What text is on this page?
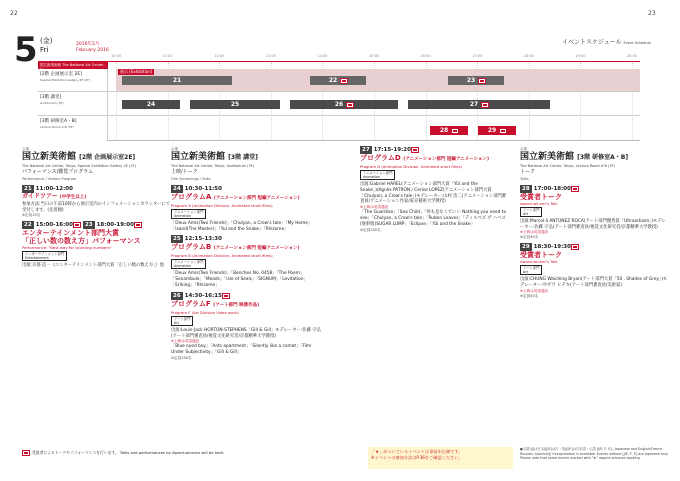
22	23
5 (金)
Fri
2016年2月
February 2016
イベントスケジュール Event Schedule
10:00	11:00	12:00	13:00	14:00	15:00	16:00	17:00	18:00	19:00	20:00
国立新美術館 The National Art Center,
[2階 企画展示室 2E]
Special Exhibition Gallery 2E (2F)
展示 [Exhibition]
21	22	23
[3階 講堂]
Auditorium (3F)	24	25	26	27
[3階 研修室A・B]
Lecture Room A·B (3F)
28	29
会場
国立新美術館 [2階 企画展示室2E]
The National Art Center, Tokyo, Special Exhibition Gallery 2E (2F)
パフォーマンス/鑑賞プログラム
Performance / Visitors Program
21 11:00-12:00
ガイドツアー (中学生以上)
参加方法:当日の午前10時から展示室内のインフォメーションカウンターにて受付します。(先着順)
※定員15名
22 15:00-16:00	23 18:00-19:00
エンターテインメント部門大賞
「正しい数の数え方」パフォーマンス
Performance: "Best way for counting numbers"
エンターテインメント部門
Entertainment
出演:京都 造一《エンターテインメント部門大賞「正しい数の数え方」》他
会場
国立新美術館 [3階 講堂]
The National Art Center, Tokyo, Auditorium (3F)
上映/トーク
Film Screenings / Talks
24 10:30-11:50
プログラムA (アニメーション部門 短編アニメーション)
Program A (Animation Division, Animated short films)
アニメーション部門
Animation
「Deux Amis(Two Friends)」「Chulyan, a Crow's tale」「My Home」「Isand(The Master)」「Yul and the Snake」「Rhizome」
25 12:15-13:30
プログラムB (アニメーション部門 短編アニメーション)
Program B (Animation Division, Animated short films)
アニメーション部門
Animation
「Deux Amis(Two Friends)」「Benches No. 0458」「The Poem」「Sonambulo」「Meads」「Isle of Seals」「SIGNUM」「Levitation」「Erlking」「Rhizome」
26 14:30-16:15
プログラムF (アート部門 映像作品)
Program F (Art Division Video work)
アート部門
Art
出演:Louis-Jack HORTON-STEPHENS「Gill & Gill」モデレーター:佐藤 守弘(アート部門審査員/視覚文化研究者/京都精華大学教授)
※上映は英語通訳
「Blue eyed boy」「Ants apartment」「Silently like a comet」「Film Under Subjectivity」「Gill & Gill」
※定員250名
27 17:15-19:20
プログラムD (アニメーション部門 短編アニメーション)
Program D (Animation Division, Animated short films)
アニメーション部門
Animation
出演:Gabriel HAREL(アニメーション部門大賞「Yül and the Snake」)/Agnès PATRON / Cerise LOPEZ(アニメーション部門大賞「Chulyan, a Crow's tale」)モデレーター:山村 浩二(アニメーション部門審査員/アニメーション作家/東京藝術大学教授)
※上映は英語通訳
「The Guardian」「Sea Child」「何も見なくていい Nothing you need to see」「Chulyan, a Crow's tale」「Ruben Leaves」「ディスペズ ザ ハベス(無幹版)SUGAR LUMP」「Eclipse」「Yül and the Snake」
※定員250名
会場
国立新美術館 [3階 研修室A・B]
The National Art Center, Tokyo, Lecture Room A·B (3F)
トーク
Talks
28 17:00-18:00
受賞者トーク
Award-winner's Talk
アート部門
Art
出演:Marcel·li ANTÚNEZ ROCA(アート部門優秀賞「Ultraorbism」)モデレーター:佐藤 守弘(アート部門審査員/視覚文化研究者/京都精華大学教授)
※上映は英語通訳
※定員40名
29 18:30-19:30
受賞者トーク
Award-winner's Talk
アート部門
Art
出演:CHUNG Waiching Bryan(アート部門大賞「50 . Shades of Grey」)モデレーター:中ザワ ヒデキ(アート部門審査員/美術家)
※上映は英語通訳
※定員40名
受賞者によるトークやパフォーマンスを行います。 Talks and performances by Award-winners will be held.	「★」がついているイベントは事前申込制です。
※イベントの参加方法はP.36をご確認ください。
●言語:[J]は日本/[J/E]は日・英/[J/F]は日本語・仏語 [J/E, F, E]...Japanese and English/French, Russian, Spanish(J) interpretation is available. Events without [J/E, F, E] are Japanese only. Please note that some events marked with "★" require advance booking.
